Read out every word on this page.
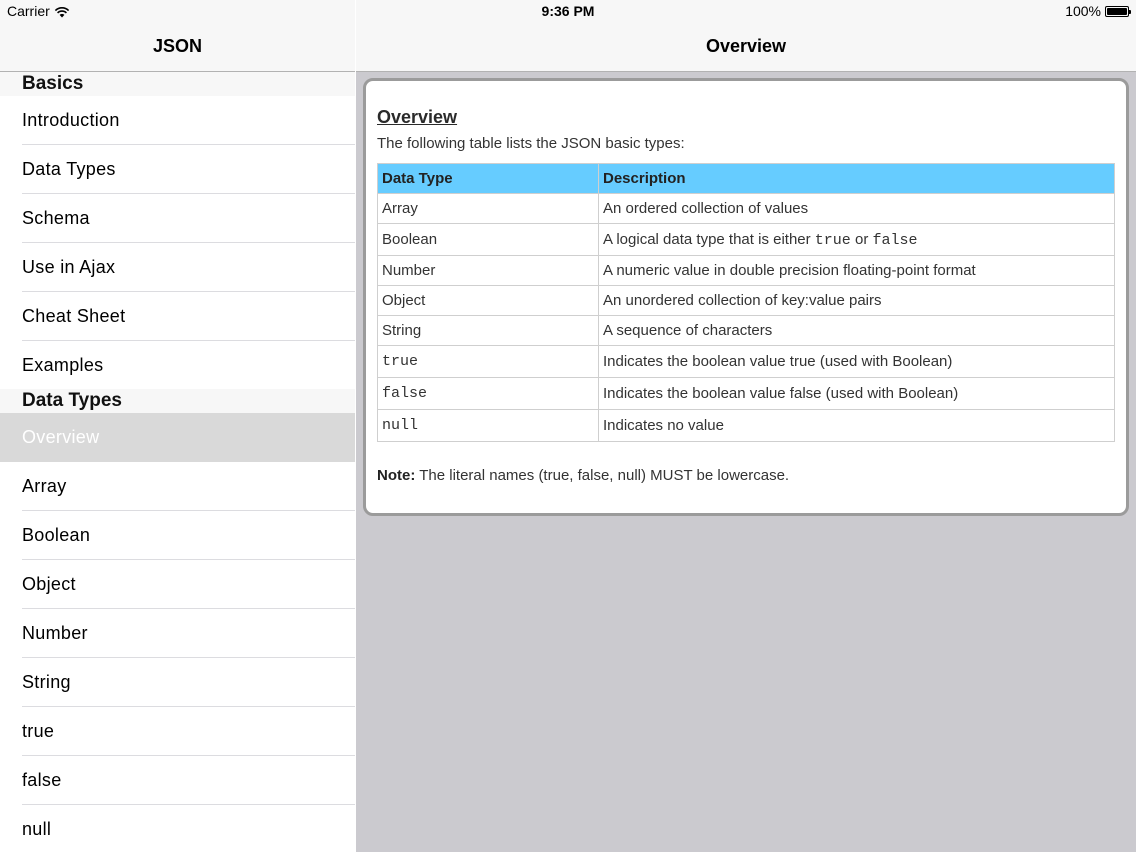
JSON
Basics
Introduction
Data Types
Schema
Use in Ajax
Cheat Sheet
Examples
Data Types
Overview
Array
Boolean
Object
Number
String
true
false
null
Overview
Overview

The following table lists the JSON basic types:

Data Type	Description
Array	An ordered collection of values
Boolean	A logical data type that is either true or false
Number	A numeric value in double precision floating-point format
Object	An unordered collection of key:value pairs
String	A sequence of characters
true	Indicates the boolean value true (used with Boolean)
false	Indicates the boolean value false (used with Boolean)
null	Indicates no value

Note: The literal names (true, false, null) MUST be lowercase.

Carrier	9:36 PM	100%
